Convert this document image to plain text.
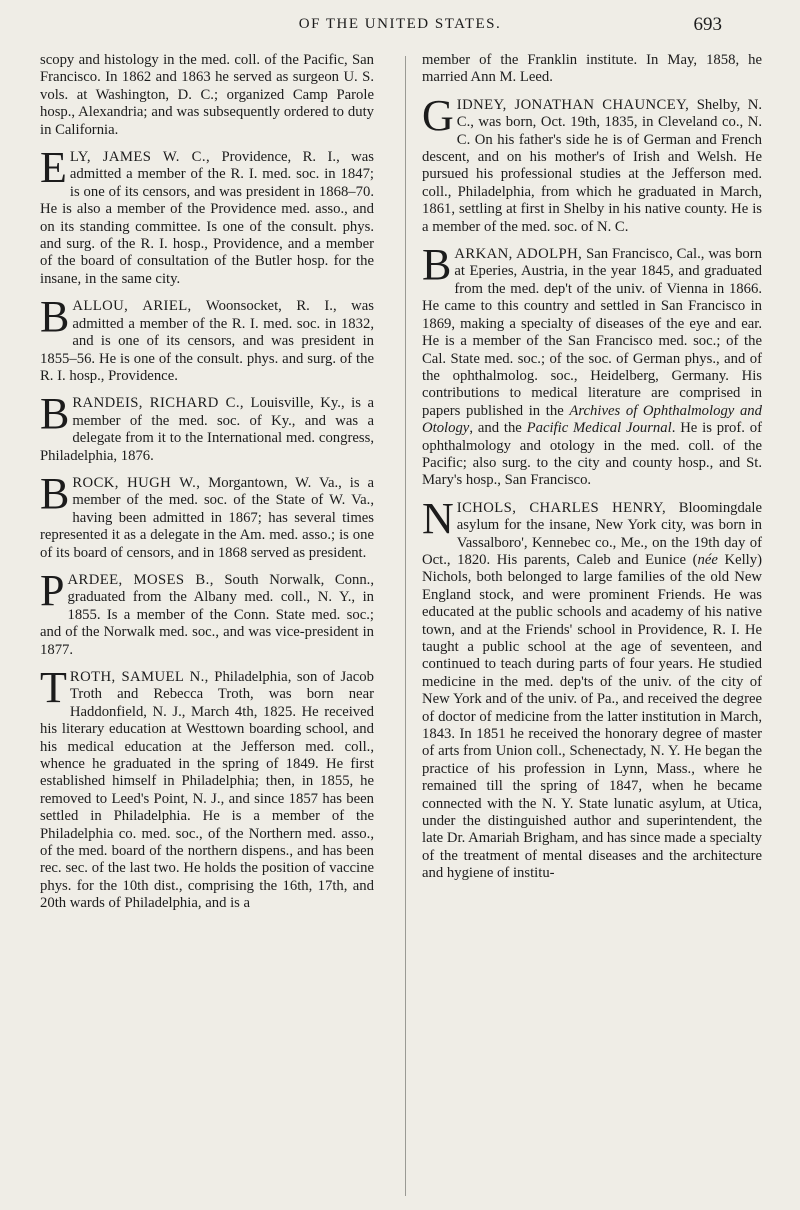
OF THE UNITED STATES.	693

scopy and histology in the med. coll. of the Pacific, San Francisco. In 1862 and 1863 he served as surgeon U. S. vols. at Washington, D. C.; organized Camp Parole hosp., Alexandria; and was subsequently ordered to duty in California.

ELY, JAMES W. C., Providence, R. I., was admitted a member of the R. I. med. soc. in 1847; is one of its censors, and was president in 1868–70. He is also a member of the Providence med. asso., and on its standing committee. Is one of the consult. phys. and surg. of the R. I. hosp., Providence, and a member of the board of consultation of the Butler hosp. for the insane, in the same city.

BALLOU, ARIEL, Woonsocket, R. I., was admitted a member of the R. I. med. soc. in 1832, and is one of its censors, and was president in 1855–56. He is one of the consult. phys. and surg. of the R. I. hosp., Providence.

BRANDEIS, RICHARD C., Louisville, Ky., is a member of the med. soc. of Ky., and was a delegate from it to the International med. congress, Philadelphia, 1876.

BROCK, HUGH W., Morgantown, W. Va., is a member of the med. soc. of the State of W. Va., having been admitted in 1867; has several times represented it as a delegate in the Am. med. asso.; is one of its board of censors, and in 1868 served as president.

PARDEE, MOSES B., South Norwalk, Conn., graduated from the Albany med. coll., N. Y., in 1855. Is a member of the Conn. State med. soc.; and of the Norwalk med. soc., and was vice-president in 1877.

TROTH, SAMUEL N., Philadelphia, son of Jacob Troth and Rebecca Troth, was born near Haddonfield, N. J., March 4th, 1825. He received his literary education at Westtown boarding school, and his medical education at the Jefferson med. coll., whence he graduated in the spring of 1849. He first established himself in Philadelphia; then, in 1855, he removed to Leed's Point, N. J., and since 1857 has been settled in Philadelphia. He is a member of the Philadelphia co. med. soc., of the Northern med. asso., of the med. board of the northern dispens., and has been rec. sec. of the last two. He holds the position of vaccine phys. for the 10th dist., comprising the 16th, 17th, and 20th wards of Philadelphia, and is a

member of the Franklin institute. In May, 1858, he married Ann M. Leed.

GIDNEY, JONATHAN CHAUNCEY, Shelby, N. C., was born, Oct. 19th, 1835, in Cleveland co., N. C. On his father's side he is of German and French descent, and on his mother's of Irish and Welsh. He pursued his professional studies at the Jefferson med. coll., Philadelphia, from which he graduated in March, 1861, settling at first in Shelby in his native county. He is a member of the med. soc. of N. C.

BARKAN, ADOLPH, San Francisco, Cal., was born at Eperies, Austria, in the year 1845, and graduated from the med. dep't of the univ. of Vienna in 1866. He came to this country and settled in San Francisco in 1869, making a specialty of diseases of the eye and ear. He is a member of the San Francisco med. soc.; of the Cal. State med. soc.; of the soc. of German phys., and of the ophthalmolog. soc., Heidelberg, Germany. His contributions to medical literature are comprised in papers published in the Archives of Ophthalmology and Otology, and the Pacific Medical Journal. He is prof. of ophthalmology and otology in the med. coll. of the Pacific; also surg. to the city and county hosp., and St. Mary's hosp., San Francisco.

NICHOLS, CHARLES HENRY, Bloomingdale asylum for the insane, New York city, was born in Vassalboro', Kennebec co., Me., on the 19th day of Oct., 1820. His parents, Caleb and Eunice (née Kelly) Nichols, both belonged to large families of the old New England stock, and were prominent Friends. He was educated at the public schools and academy of his native town, and at the Friends' school in Providence, R. I. He taught a public school at the age of seventeen, and continued to teach during parts of four years. He studied medicine in the med. dep'ts of the univ. of the city of New York and of the univ. of Pa., and received the degree of doctor of medicine from the latter institution in March, 1843. In 1851 he received the honorary degree of master of arts from Union coll., Schenectady, N. Y. He began the practice of his profession in Lynn, Mass., where he remained till the spring of 1847, when he became connected with the N. Y. State lunatic asylum, at Utica, under the distinguished author and superintendent, the late Dr. Amariah Brigham, and has since made a specialty of the treatment of mental diseases and the architecture and hygiene of institu-
